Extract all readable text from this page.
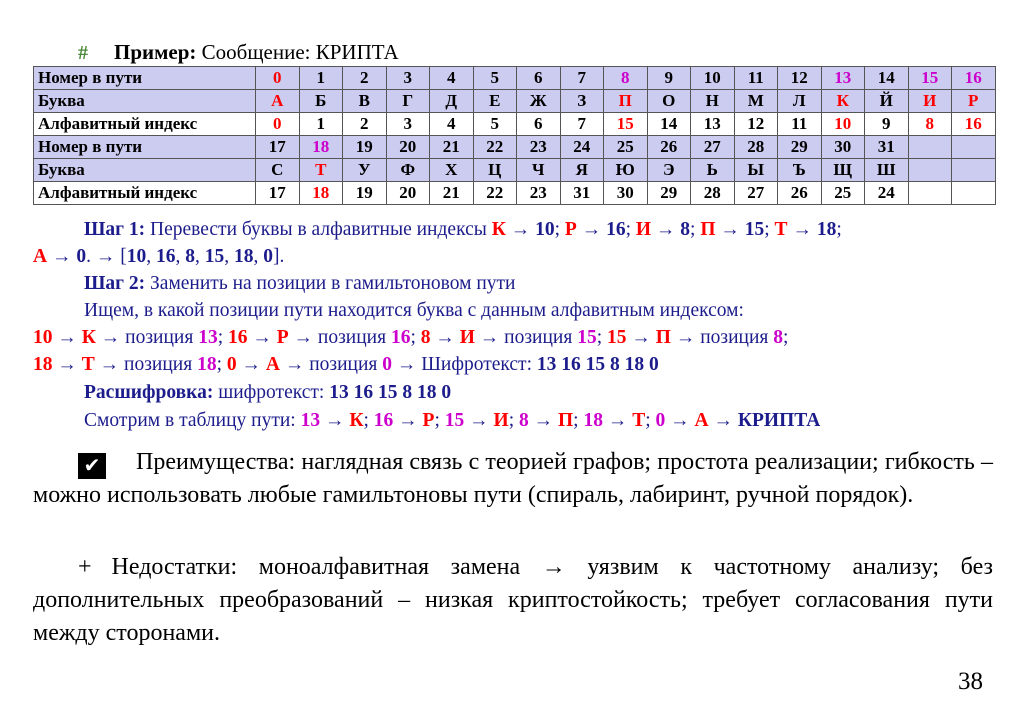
# Пример: Сообщение: КРИПТА
Номер в пути	0	1	2	3	4	5	6	7	8	9	10	11	12	13	14	15	16
Буква	А	Б	В	Г	Д	Е	Ж	З	П	О	Н	М	Л	К	Й	И	Р
Алфавитный индекс	0	1	2	3	4	5	6	7	15	14	13	12	11	10	9	8	16
Номер в пути	17	18	19	20	21	22	23	24	25	26	27	28	29	30	31		
Буква	С	Т	У	Ф	Х	Ц	Ч	Я	Ю	Э	Ь	Ы	Ъ	Щ	Ш		
Алфавитный индекс	17	18	19	20	21	22	23	31	30	29	28	27	26	25	24		
Шаг 1: Перевести буквы в алфавитные индексы К → 10; Р → 16; И → 8; П → 15; Т → 18;
А → 0. → [10, 16, 8, 15, 18, 0].
Шаг 2: Заменить на позиции в гамильтоновом пути
Ищем, в какой позиции пути находится буква с данным алфавитным индексом:
10 → К → позиция 13; 16 → Р → позиция 16; 8 → И → позиция 15; 15 → П → позиция 8;
18 → Т → позиция 18; 0 → А → позиция 0 → Шифротекст: 13 16 15 8 18 0
Расшифровка: шифротекст: 13 16 15 8 18 0
Смотрим в таблицу пути: 13 → К; 16 → Р; 15 → И; 8 → П; 18 → Т; 0 → А → КРИПТА
✔ Преимущества: наглядная связь с теорией графов; простота реализации; гибкость – можно использовать любые гамильтоновы пути (спираль, лабиринт, ручной порядок).
+ Недостатки: моноалфавитная замена → уязвим к частотному анализу; без дополнительных преобразований – низкая криптостойкость; требует согласования пути между сторонами.
38
